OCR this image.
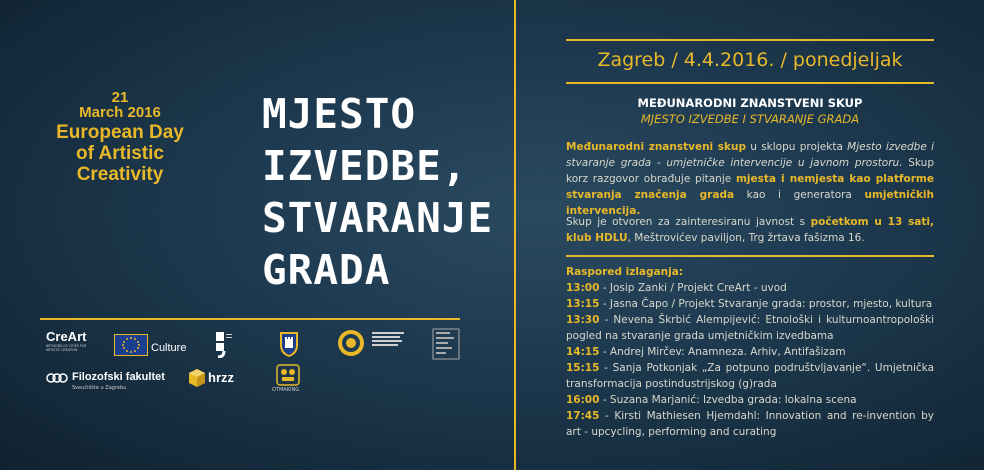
21
March 2016
European Day
of Artistic
Creativity
MJESTO
IZVEDBE,
STVARANJE
GRADA
CreArt
NETWORK OF CITIES FOR ARTISTIC CREATION	Culture
Filozofski fakultet
Sveučilište u Zagrebu
hrzz
OTMAKING
Zagreb / 4.4.2016. / ponedjeljak
MEĐUNARODNI ZNANSTVENI SKUP
MJESTO IZVEDBE I STVARANJE GRADA
Međunarodni znanstveni skup u sklopu projekta Mjesto izvedbe i stvaranje grada - umjetničke intervencije u javnom prostoru. Skup korz razgovor obrađuje pitanje mjesta i nemjesta kao platforme stvaranja značenja grada kao i generatora umjetničkih intervencija.
Skup je otvoren za zainteresiranu javnost s početkom u 13 sati, klub HDLU, Meštrovićev paviljon, Trg žrtava fašizma 16.
Raspored izlaganja:
13:00 - Josip Zanki / Projekt CreArt - uvod
13:15 - Jasna Čapo / Projekt Stvaranje grada: prostor, mjesto, kultura
13:30 - Nevena Škrbić Alempijević: Etnološki i kulturnoantropološki pogled na stvaranje grada umjetničkim izvedbama
14:15 - Andrej Mirčev: Anamneza. Arhiv, Antifašizam
15:15 - Sanja Potkonjak „Za potpuno podruštvljavanje“. Umjetnička transformacija postindustrijskog (g)rada
16:00 - Suzana Marjanić: Izvedba grada: lokalna scena
17:45 - Kirsti Mathiesen Hjemdahl: Innovation and re-invention by art - upcycling, performing and curating
